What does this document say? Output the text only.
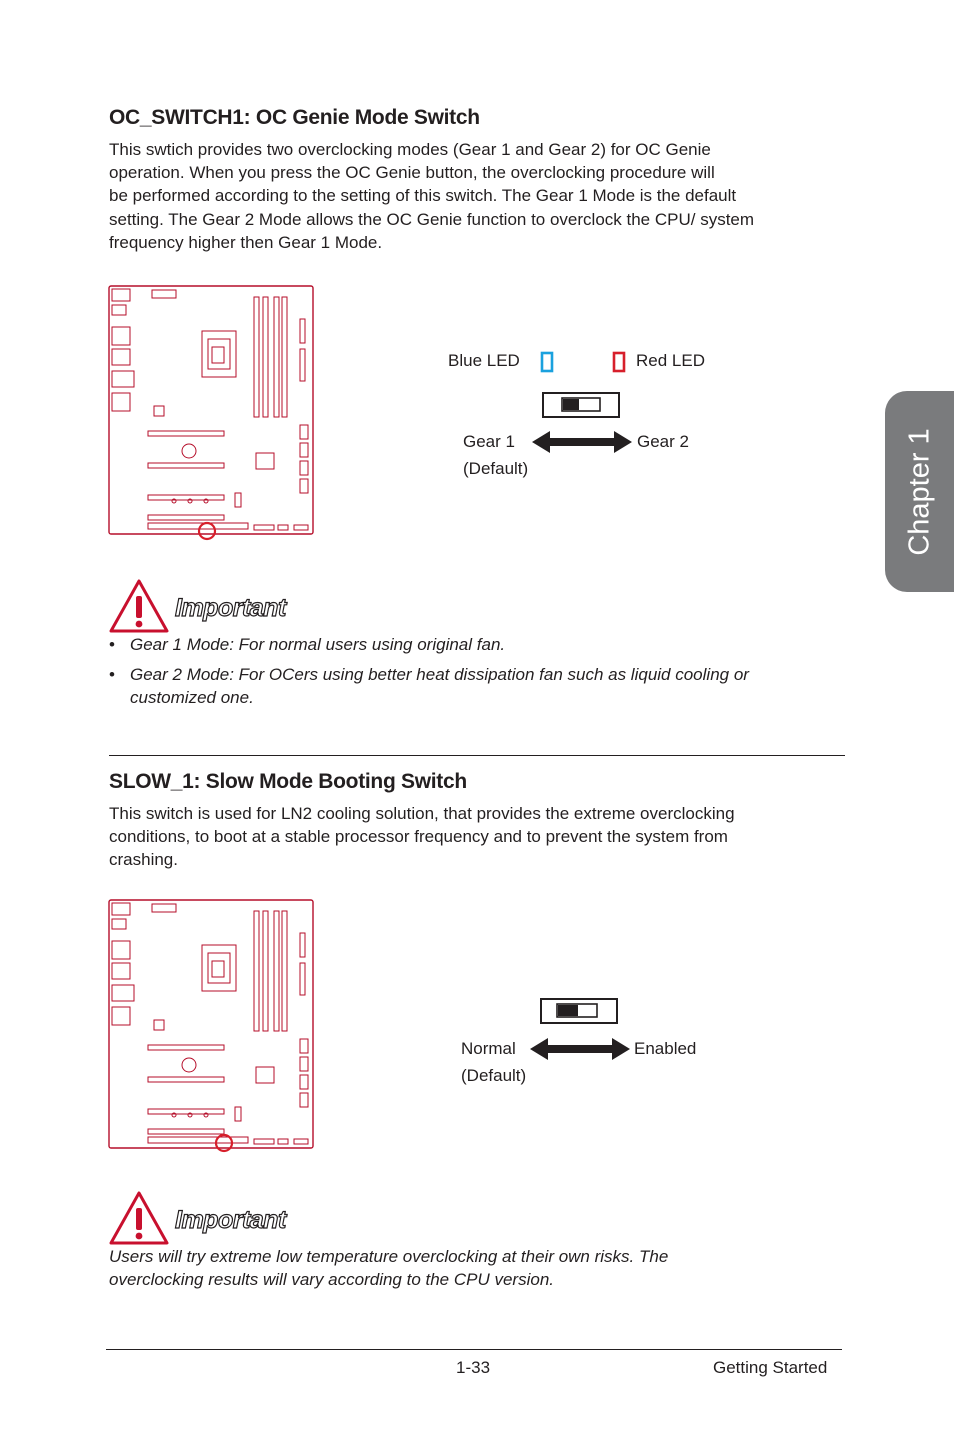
Chapter 1
OC_SWITCH1: OC Genie Mode Switch
This swtich provides two overclocking modes (Gear 1 and Gear 2) for OC Genie
operation. When you press the OC Genie button, the overclocking procedure will
be performed according to the setting of this switch. The Gear 1 Mode is the default
setting. The Gear 2 Mode allows the OC Genie function to overclock the CPU/ system
frequency higher then Gear 1 Mode.
Blue LED	Red LED
Gear 1
(Default)
Gear 2
Important
• Gear 1 Mode: For normal users using original fan.
• Gear 2 Mode: For OCers using better heat dissipation fan such as liquid cooling or
customized one.
SLOW_1: Slow Mode Booting Switch
This switch is used for LN2 cooling solution, that provides the extreme overclocking
conditions, to boot at a stable processor frequency and to prevent the system from
crashing.
Normal
(Default)
Enabled
Important
Users will try extreme low temperature overclocking at their own risks. The
overclocking results will vary according to the CPU version.
1-33	Getting Started
